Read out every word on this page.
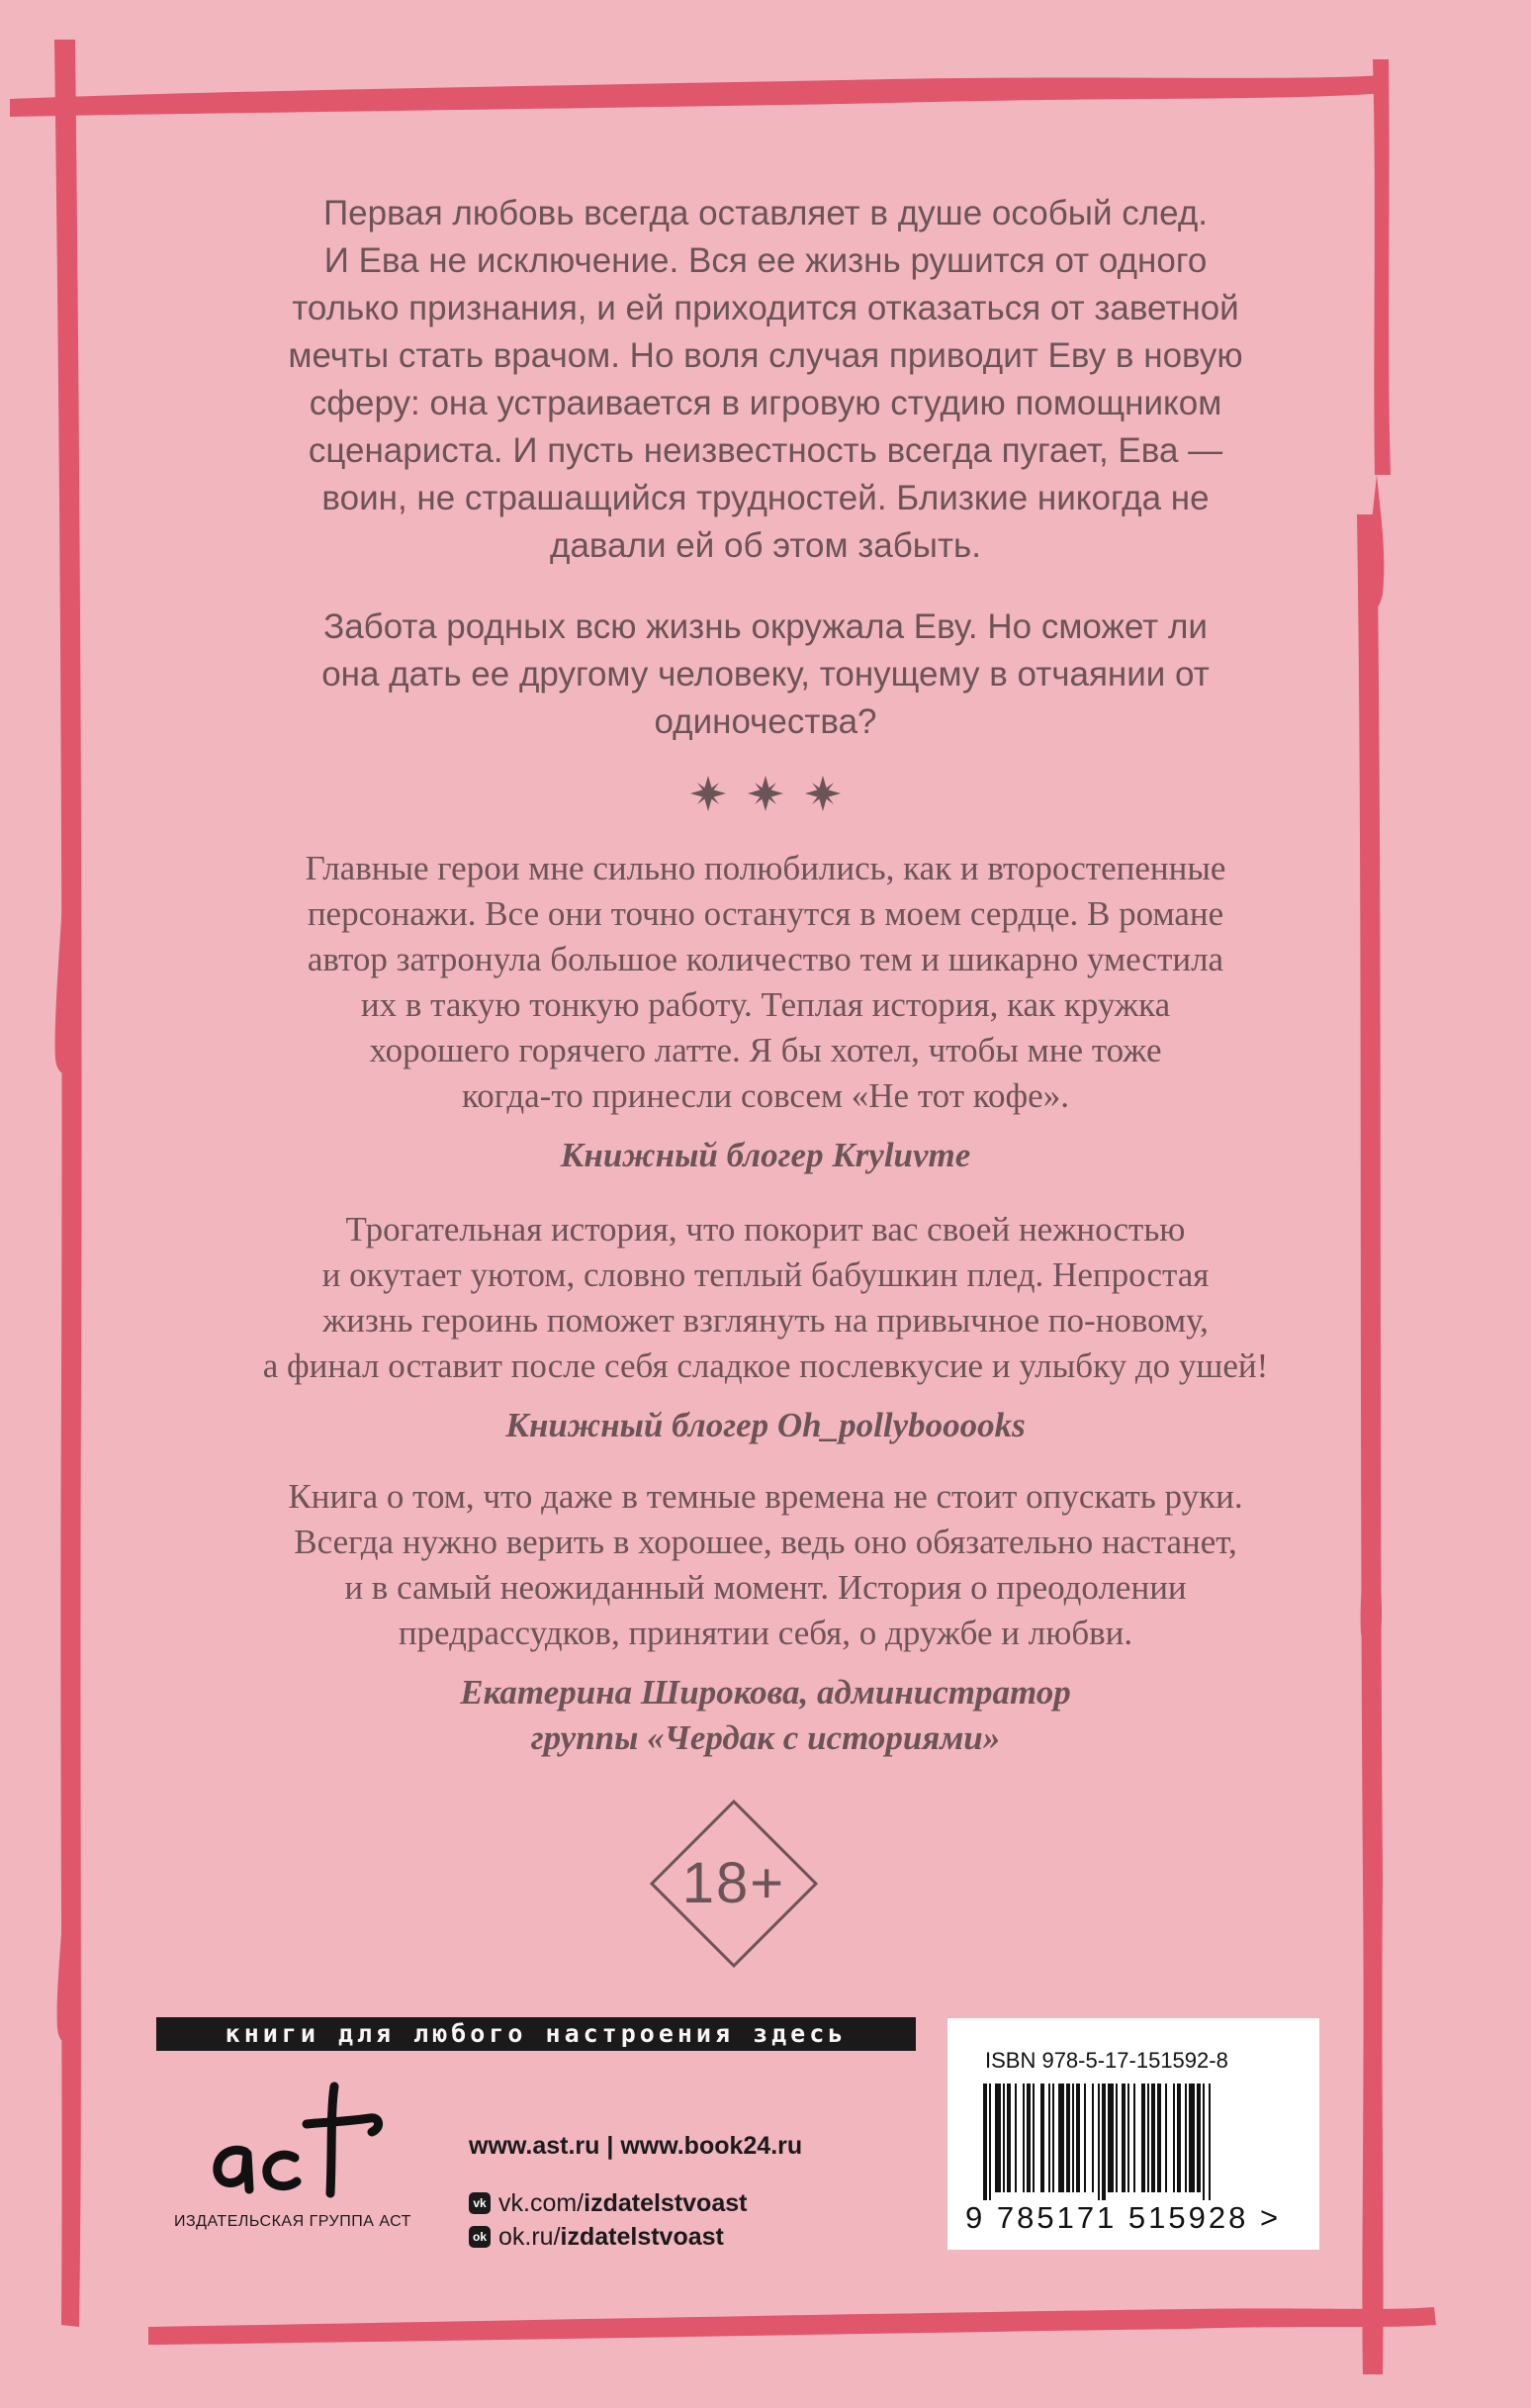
Первая любовь всегда оставляет в душе особый след.
И Ева не исключение. Вся ее жизнь рушится от одного
только признания, и ей приходится отказаться от заветной
мечты стать врачом. Но воля случая приводит Еву в новую
сферу: она устраивается в игровую студию помощником
сценариста. И пусть неизвестность всегда пугает, Ева —
воин, не страшащийся трудностей. Близкие никогда не
давали ей об этом забыть.
Забота родных всю жизнь окружала Еву. Но сможет ли
она дать ее другому человеку, тонущему в отчаянии от
одиночества?

Главные герои мне сильно полюбились, как и второстепенные
персонажи. Все они точно останутся в моем сердце. В романе
автор затронула большое количество тем и шикарно уместила
их в такую тонкую работу. Теплая история, как кружка
хорошего горячего латте. Я бы хотел, чтобы мне тоже
когда-то принесли совсем «Не тот кофе».
Книжный блогер Kryluvme
Трогательная история, что покорит вас своей нежностью
и окутает уютом, словно теплый бабушкин плед. Непростая
жизнь героинь поможет взглянуть на привычное по-новому,
а финал оставит после себя сладкое послевкусие и улыбку до ушей!
Книжный блогер Oh_pollybooooks
Книга о том, что даже в темные времена не стоит опускать руки.
Всегда нужно верить в хорошее, ведь оно обязательно настанет,
и в самый неожиданный момент. История о преодолении
предрассудков, принятии себя, о дружбе и любви.
Екатерина Широкова, администратор
группы «Чердак с историями»
18+
книги для любого настроения здесь
ИЗДАТЕЛЬСКАЯ ГРУППА АСТ
www.ast.ru | www.book24.ru
vk vk.com/izdatelstvoast
ok ok.ru/izdatelstvoast
ISBN 978-5-17-151592-8
9 785171 515928 >
